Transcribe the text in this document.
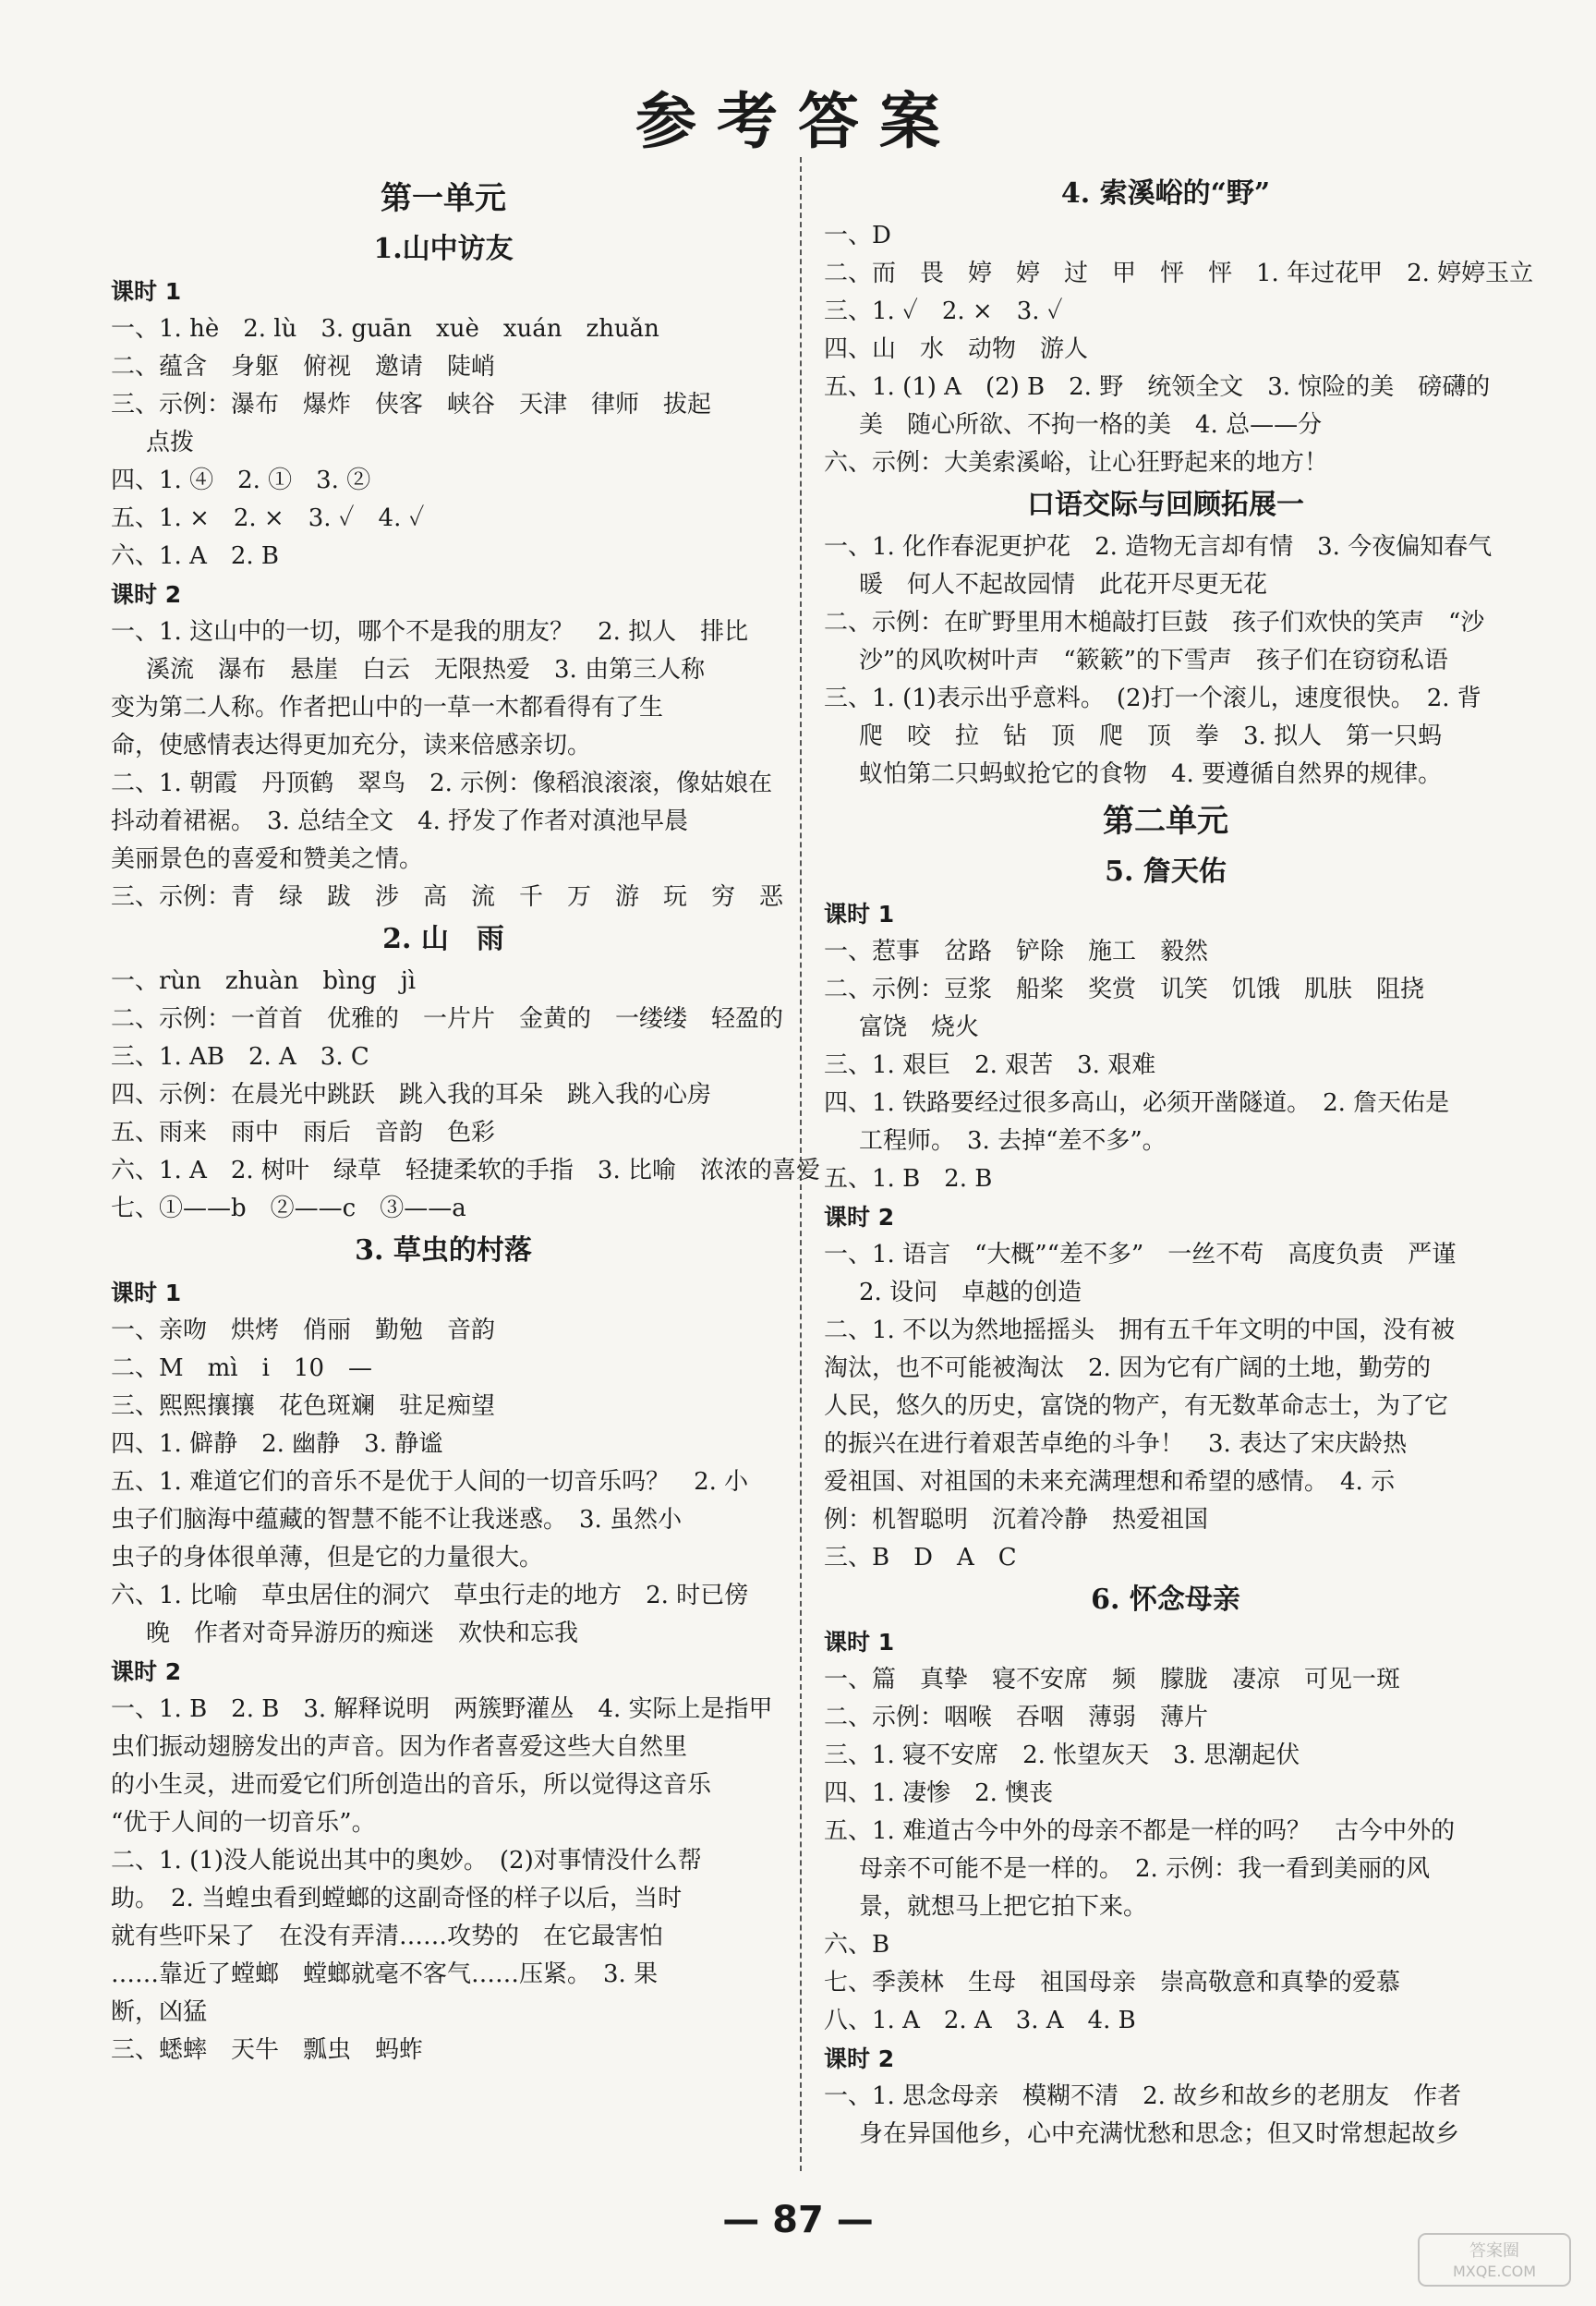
参考答案
第一单元
1.山中访友
课时 1
一、1. hè　2. lù　3. guān　xuè　xuán　zhuǎn
二、蕴含　身躯　俯视　邀请　陡峭
三、示例：瀑布　爆炸　侠客　峡谷　天津　律师　拔起
点拨
四、1. ④　2. ①　3. ②
五、1. ×　2. ×　3. ✓　4. ✓
六、1. A　2. B
课时 2
一、1. 这山中的一切，哪个不是我的朋友？　2. 拟人　排比
溪流　瀑布　悬崖　白云　无限热爱　3. 由第三人称
变为第二人称。作者把山中的一草一木都看得有了生
命，使感情表达得更加充分，读来倍感亲切。
二、1. 朝霞　丹顶鹤　翠鸟　2. 示例：像稻浪滚滚，像姑娘在
抖动着裙裾。　3. 总结全文　4. 抒发了作者对滇池早晨
美丽景色的喜爱和赞美之情。
三、示例：青　绿　跋　涉　高　流　千　万　游　玩　穷　恶
2. 山　雨
一、rùn　zhuàn　bìng　jì
二、示例：一首首　优雅的　一片片　金黄的　一缕缕　轻盈的
三、1. AB　2. A　3. C
四、示例：在晨光中跳跃　跳入我的耳朵　跳入我的心房
五、雨来　雨中　雨后　音韵　色彩
六、1. A　2. 树叶　绿草　轻捷柔软的手指　3. 比喻　浓浓的喜爱
七、①——b　②——c　③——a
3. 草虫的村落
课时 1
一、亲吻　烘烤　俏丽　勤勉　音韵
二、M　mì　i　10　—
三、熙熙攘攘　花色斑斓　驻足痴望
四、1. 僻静　2. 幽静　3. 静谧
五、1. 难道它们的音乐不是优于人间的一切音乐吗？　2. 小
虫子们脑海中蕴藏的智慧不能不让我迷惑。　3. 虽然小
虫子的身体很单薄，但是它的力量很大。
六、1. 比喻　草虫居住的洞穴　草虫行走的地方　2. 时已傍
晚　作者对奇异游历的痴迷　欢快和忘我
课时 2
一、1. B　2. B　3. 解释说明　两簇野灌丛　4. 实际上是指甲
虫们振动翅膀发出的声音。因为作者喜爱这些大自然里
的小生灵，进而爱它们所创造出的音乐，所以觉得这音乐
“优于人间的一切音乐”。
二、1. (1)没人能说出其中的奥妙。　(2)对事情没什么帮
助。　2. 当蝗虫看到螳螂的这副奇怪的样子以后，当时
就有些吓呆了　在没有弄清……攻势的　在它最害怕
……靠近了螳螂　螳螂就毫不客气……压紧。　3. 果
断，凶猛
三、蟋蟀　天牛　瓢虫　蚂蚱
4. 索溪峪的“野”
一、D
二、而　畏　婷　婷　过　甲　怦　怦　1. 年过花甲　2. 婷婷玉立
三、1. ✓　2. ×　3. ✓
四、山　水　动物　游人
五、1. (1) A　(2) B　2. 野　统领全文　3. 惊险的美　磅礴的
美　随心所欲、不拘一格的美　4. 总——分
六、示例：大美索溪峪，让心狂野起来的地方！
口语交际与回顾拓展一
一、1. 化作春泥更护花　2. 造物无言却有情　3. 今夜偏知春气
暖　何人不起故园情　此花开尽更无花
二、示例：在旷野里用木槌敲打巨鼓　孩子们欢快的笑声　“沙
沙”的风吹树叶声　“簌簌”的下雪声　孩子们在窃窃私语
三、1. (1)表示出乎意料。　(2)打一个滚儿，速度很快。　2. 背
爬　咬　拉　钻　顶　爬　顶　拳　3. 拟人　第一只蚂
蚁怕第二只蚂蚁抢它的食物　4. 要遵循自然界的规律。
第二单元
5. 詹天佑
课时 1
一、惹事　岔路　铲除　施工　毅然
二、示例：豆浆　船桨　奖赏　讥笑　饥饿　肌肤　阻挠
富饶　烧火
三、1. 艰巨　2. 艰苦　3. 艰难
四、1. 铁路要经过很多高山，必须开凿隧道。　2. 詹天佑是
工程师。　3. 去掉“差不多”。
五、1. B　2. B
课时 2
一、1. 语言　“大概”“差不多”　一丝不苟　高度负责　严谨
2. 设问　卓越的创造
二、1. 不以为然地摇摇头　拥有五千年文明的中国，没有被
淘汰，也不可能被淘汰　2. 因为它有广阔的土地，勤劳的
人民，悠久的历史，富饶的物产，有无数革命志士，为了它
的振兴在进行着艰苦卓绝的斗争！　3. 表达了宋庆龄热
爱祖国、对祖国的未来充满理想和希望的感情。　4. 示
例：机智聪明　沉着冷静　热爱祖国
三、B　D　A　C
6. 怀念母亲
课时 1
一、篇　真挚　寝不安席　频　朦胧　凄凉　可见一斑
二、示例：咽喉　吞咽　薄弱　薄片
三、1. 寝不安席　2. 怅望灰天　3. 思潮起伏
四、1. 凄惨　2. 懊丧
五、1. 难道古今中外的母亲不都是一样的吗？　古今中外的
母亲不可能不是一样的。　2. 示例：我一看到美丽的风
景，就想马上把它拍下来。
六、B
七、季羡林　生母　祖国母亲　崇高敬意和真挚的爱慕
八、1. A　2. A　3. A　4. B
课时 2
一、1. 思念母亲　模糊不清　2. 故乡和故乡的老朋友　作者
身在异国他乡，心中充满忧愁和思念；但又时常想起故乡
— 87 —
答案圈
MXQE.COM
